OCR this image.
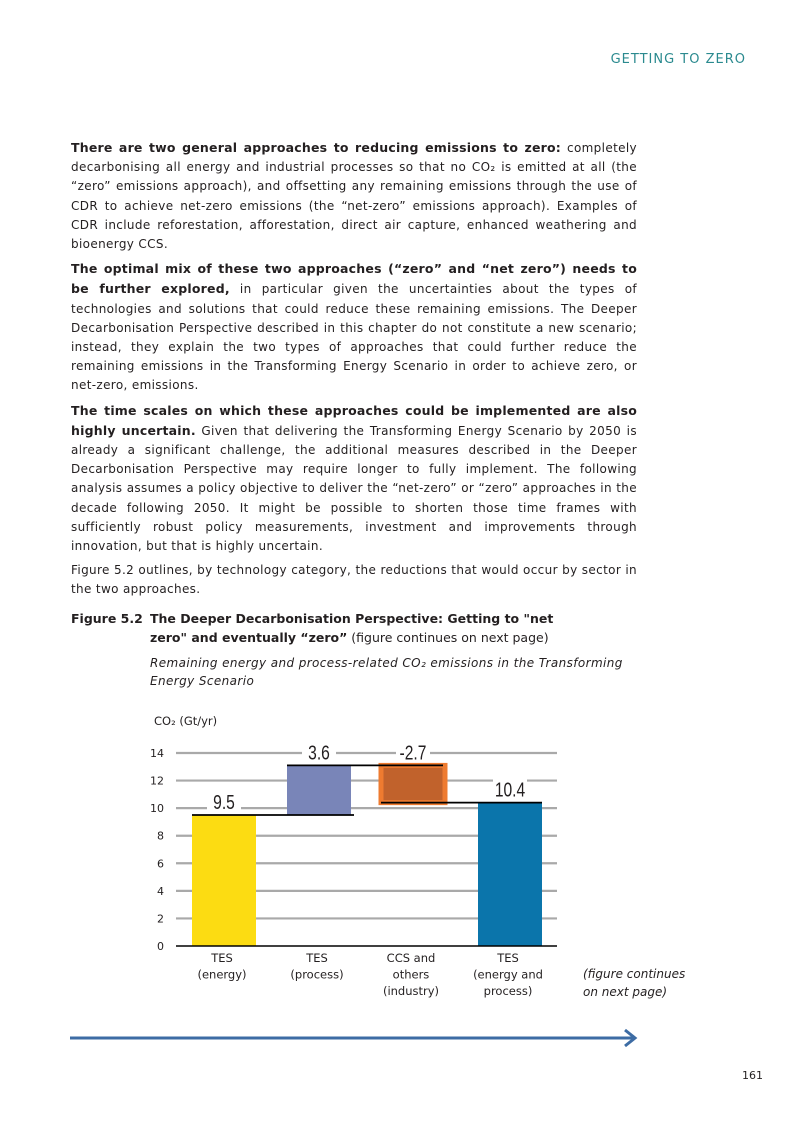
GETTING TO ZERO

There are two general approaches to reducing emissions to zero: completely decarbonising all energy and industrial processes so that no CO₂ is emitted at all (the “zero” emissions approach), and offsetting any remaining emissions through the use of CDR to achieve net-zero emissions (the “net-zero” emissions approach). Examples of CDR include reforestation, afforestation, direct air capture, enhanced weathering and bioenergy CCS.

The optimal mix of these two approaches (“zero” and “net zero”) needs to be further explored, in particular given the uncertainties about the types of technologies and solutions that could reduce these remaining emissions. The Deeper Decarbonisation Perspective described in this chapter do not constitute a new scenario; instead, they explain the two types of approaches that could further reduce the remaining emissions in the Transforming Energy Scenario in order to achieve zero, or net-zero, emissions.

The time scales on which these approaches could be implemented are also highly uncertain. Given that delivering the Transforming Energy Scenario by 2050 is already a significant challenge, the additional measures described in the Deeper Decarbonisation Perspective may require longer to fully implement. The following analysis assumes a policy objective to deliver the “net-zero” or “zero” approaches in the decade following 2050. It might be possible to shorten those time frames with sufficiently robust policy measurements, investment and improvements through innovation, but that is highly uncertain.

Figure 5.2 outlines, by technology category, the reductions that would occur by sector in the two approaches.

Figure 5.2 The Deeper Decarbonisation Perspective: Getting to "net zero" and eventually “zero” (figure continues on next page)
Remaining energy and process-related CO₂ emissions in the Transforming Energy Scenario
CO₂ (Gt/yr)
0
2
4
6
8
10
12
14
9.5
3.6	-2.7
10.4
TES
(energy)
TES
(process)
CCS and
others
(industry)
TES
(energy and
process)
(figure continues on next page)
161
